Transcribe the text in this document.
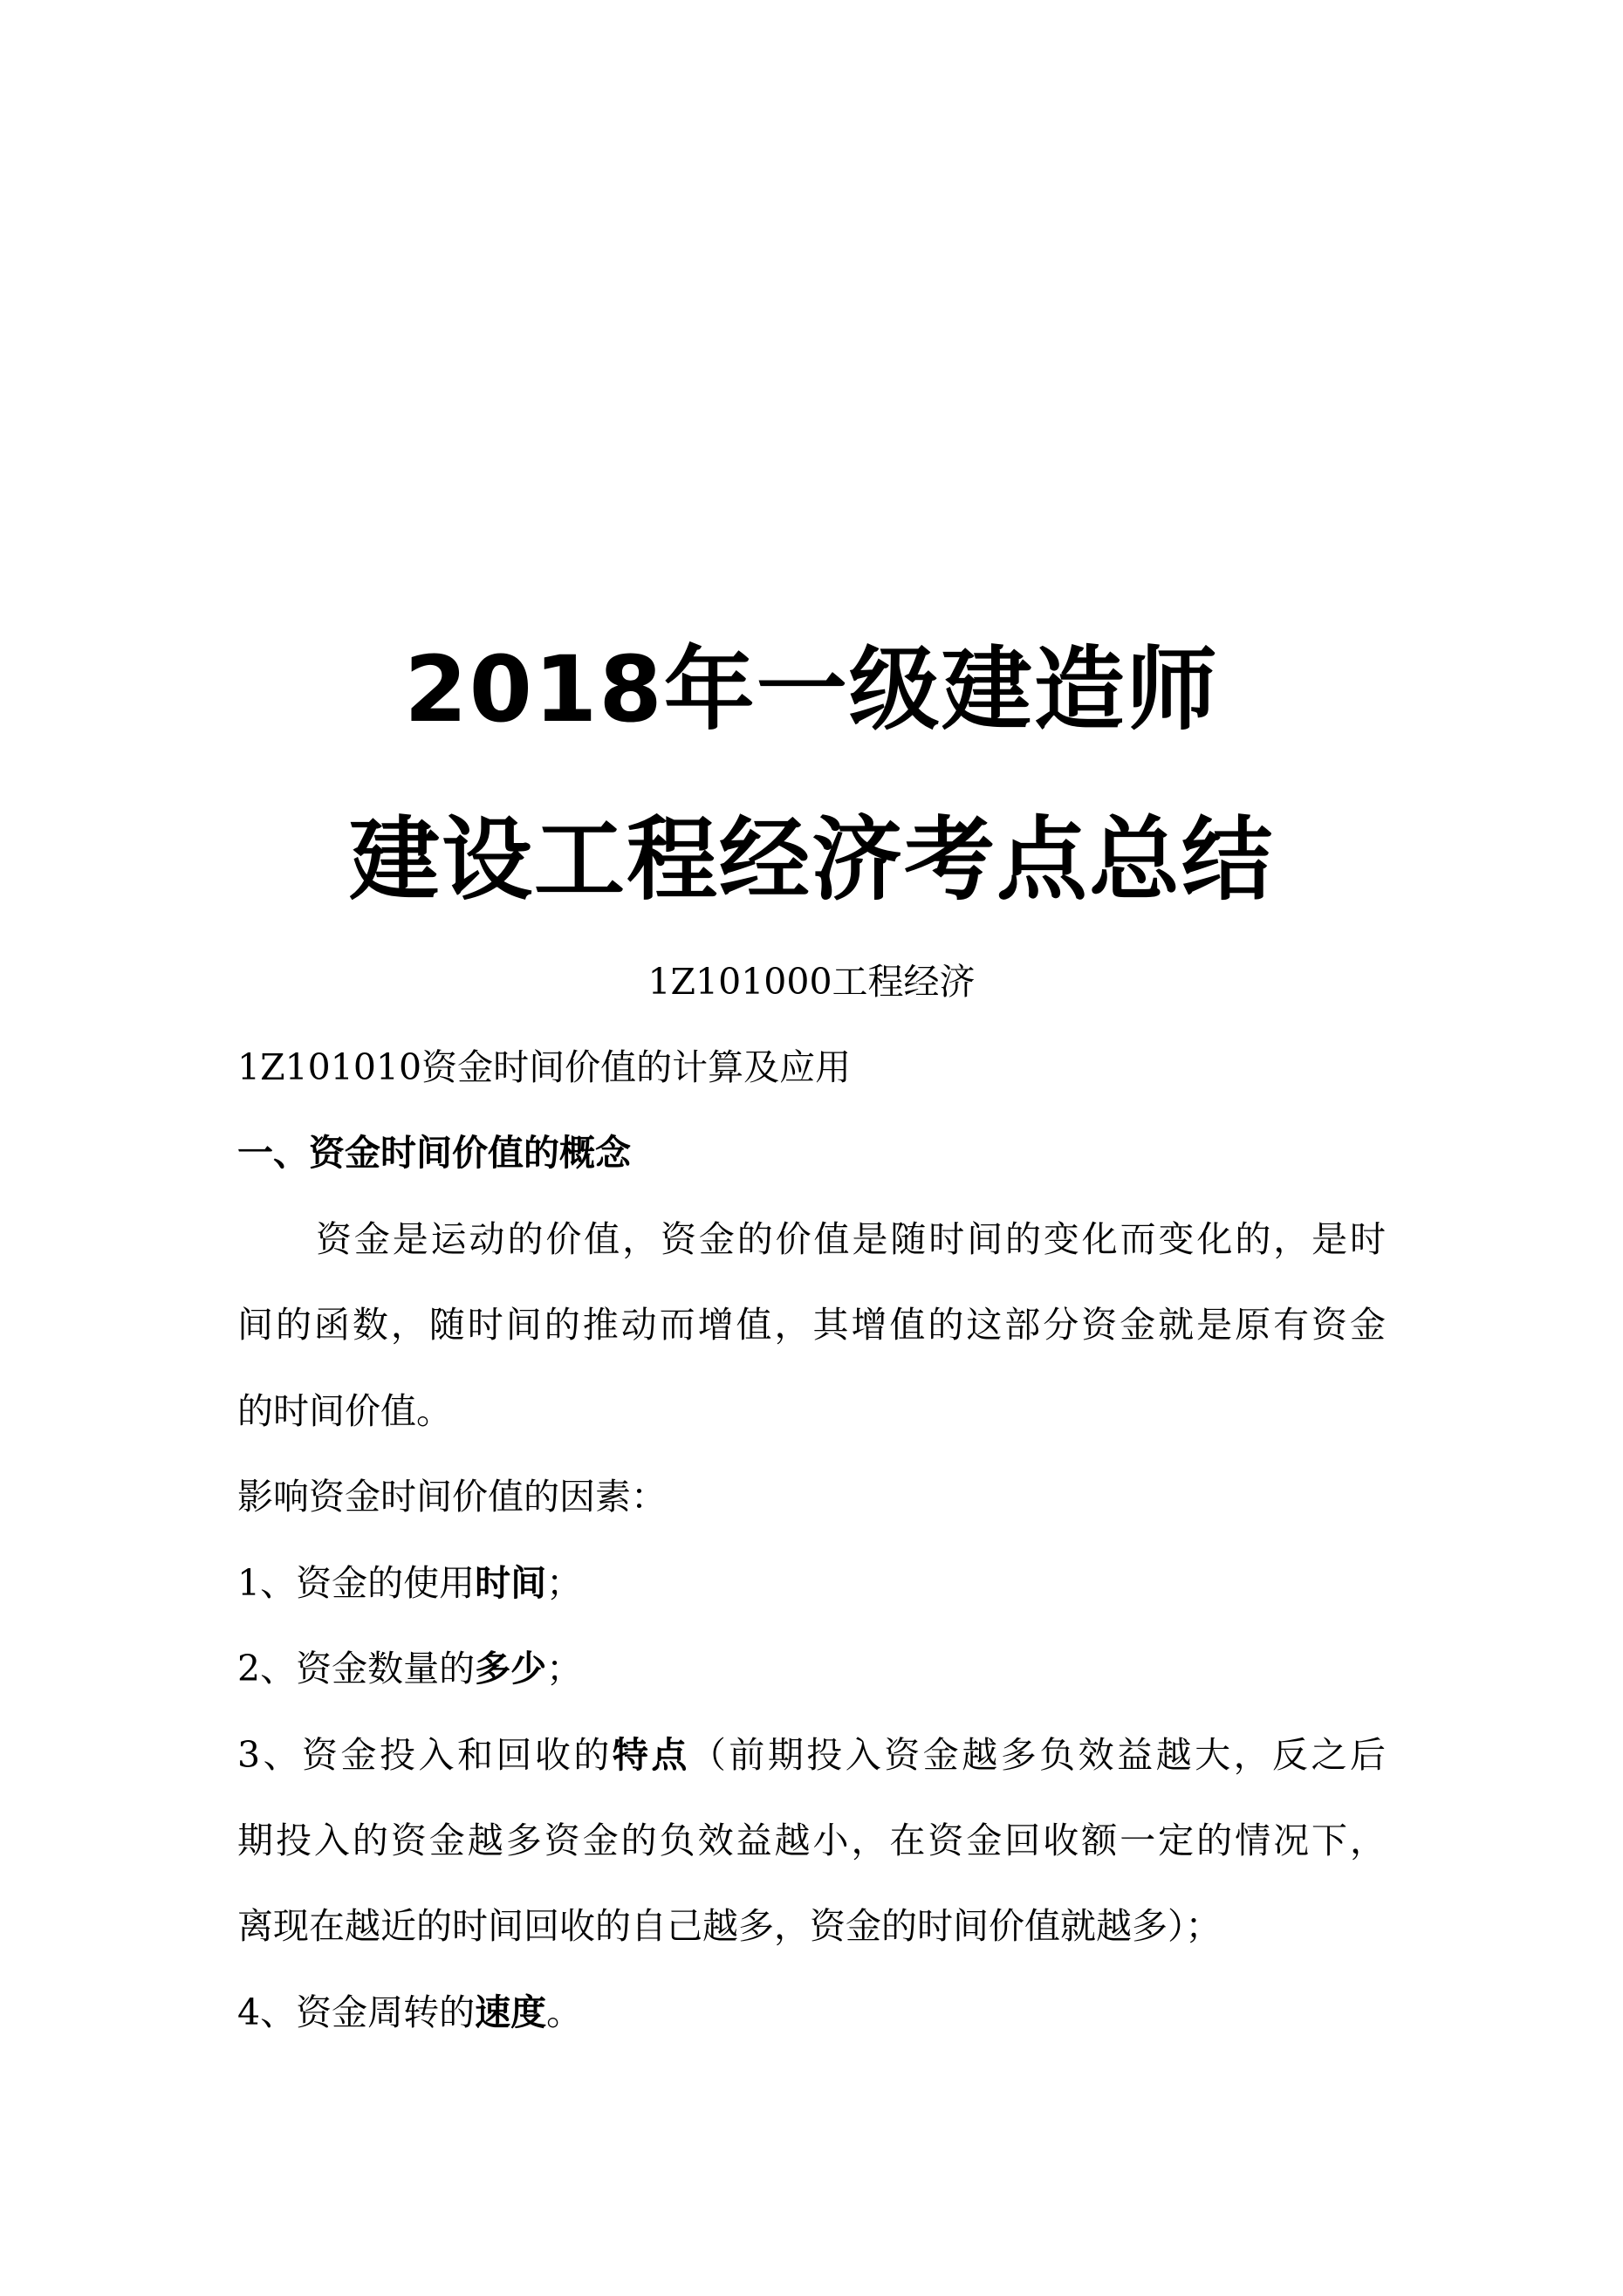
2018年一级建造师
建设工程经济考点总结
1Z101000工程经济
1Z101010资金时间价值的计算及应用
一、资金时间价值的概念
资金是运动的价值，资金的价值是随时间的变化而变化的，是时
间的函数，随时间的推动而增值，其增值的这部分资金就是原有资金
的时间价值。
影响资金时间价值的因素：
1、资金的使用时间；
2、资金数量的多少；
3、资金投入和回收的特点（前期投入资金越多负效益越大，反之后
期投入的资金越多资金的负效益越小，在资金回收额一定的情况下，
离现在越近的时间回收的自己越多，资金的时间价值就越多）；
4、资金周转的速度。
